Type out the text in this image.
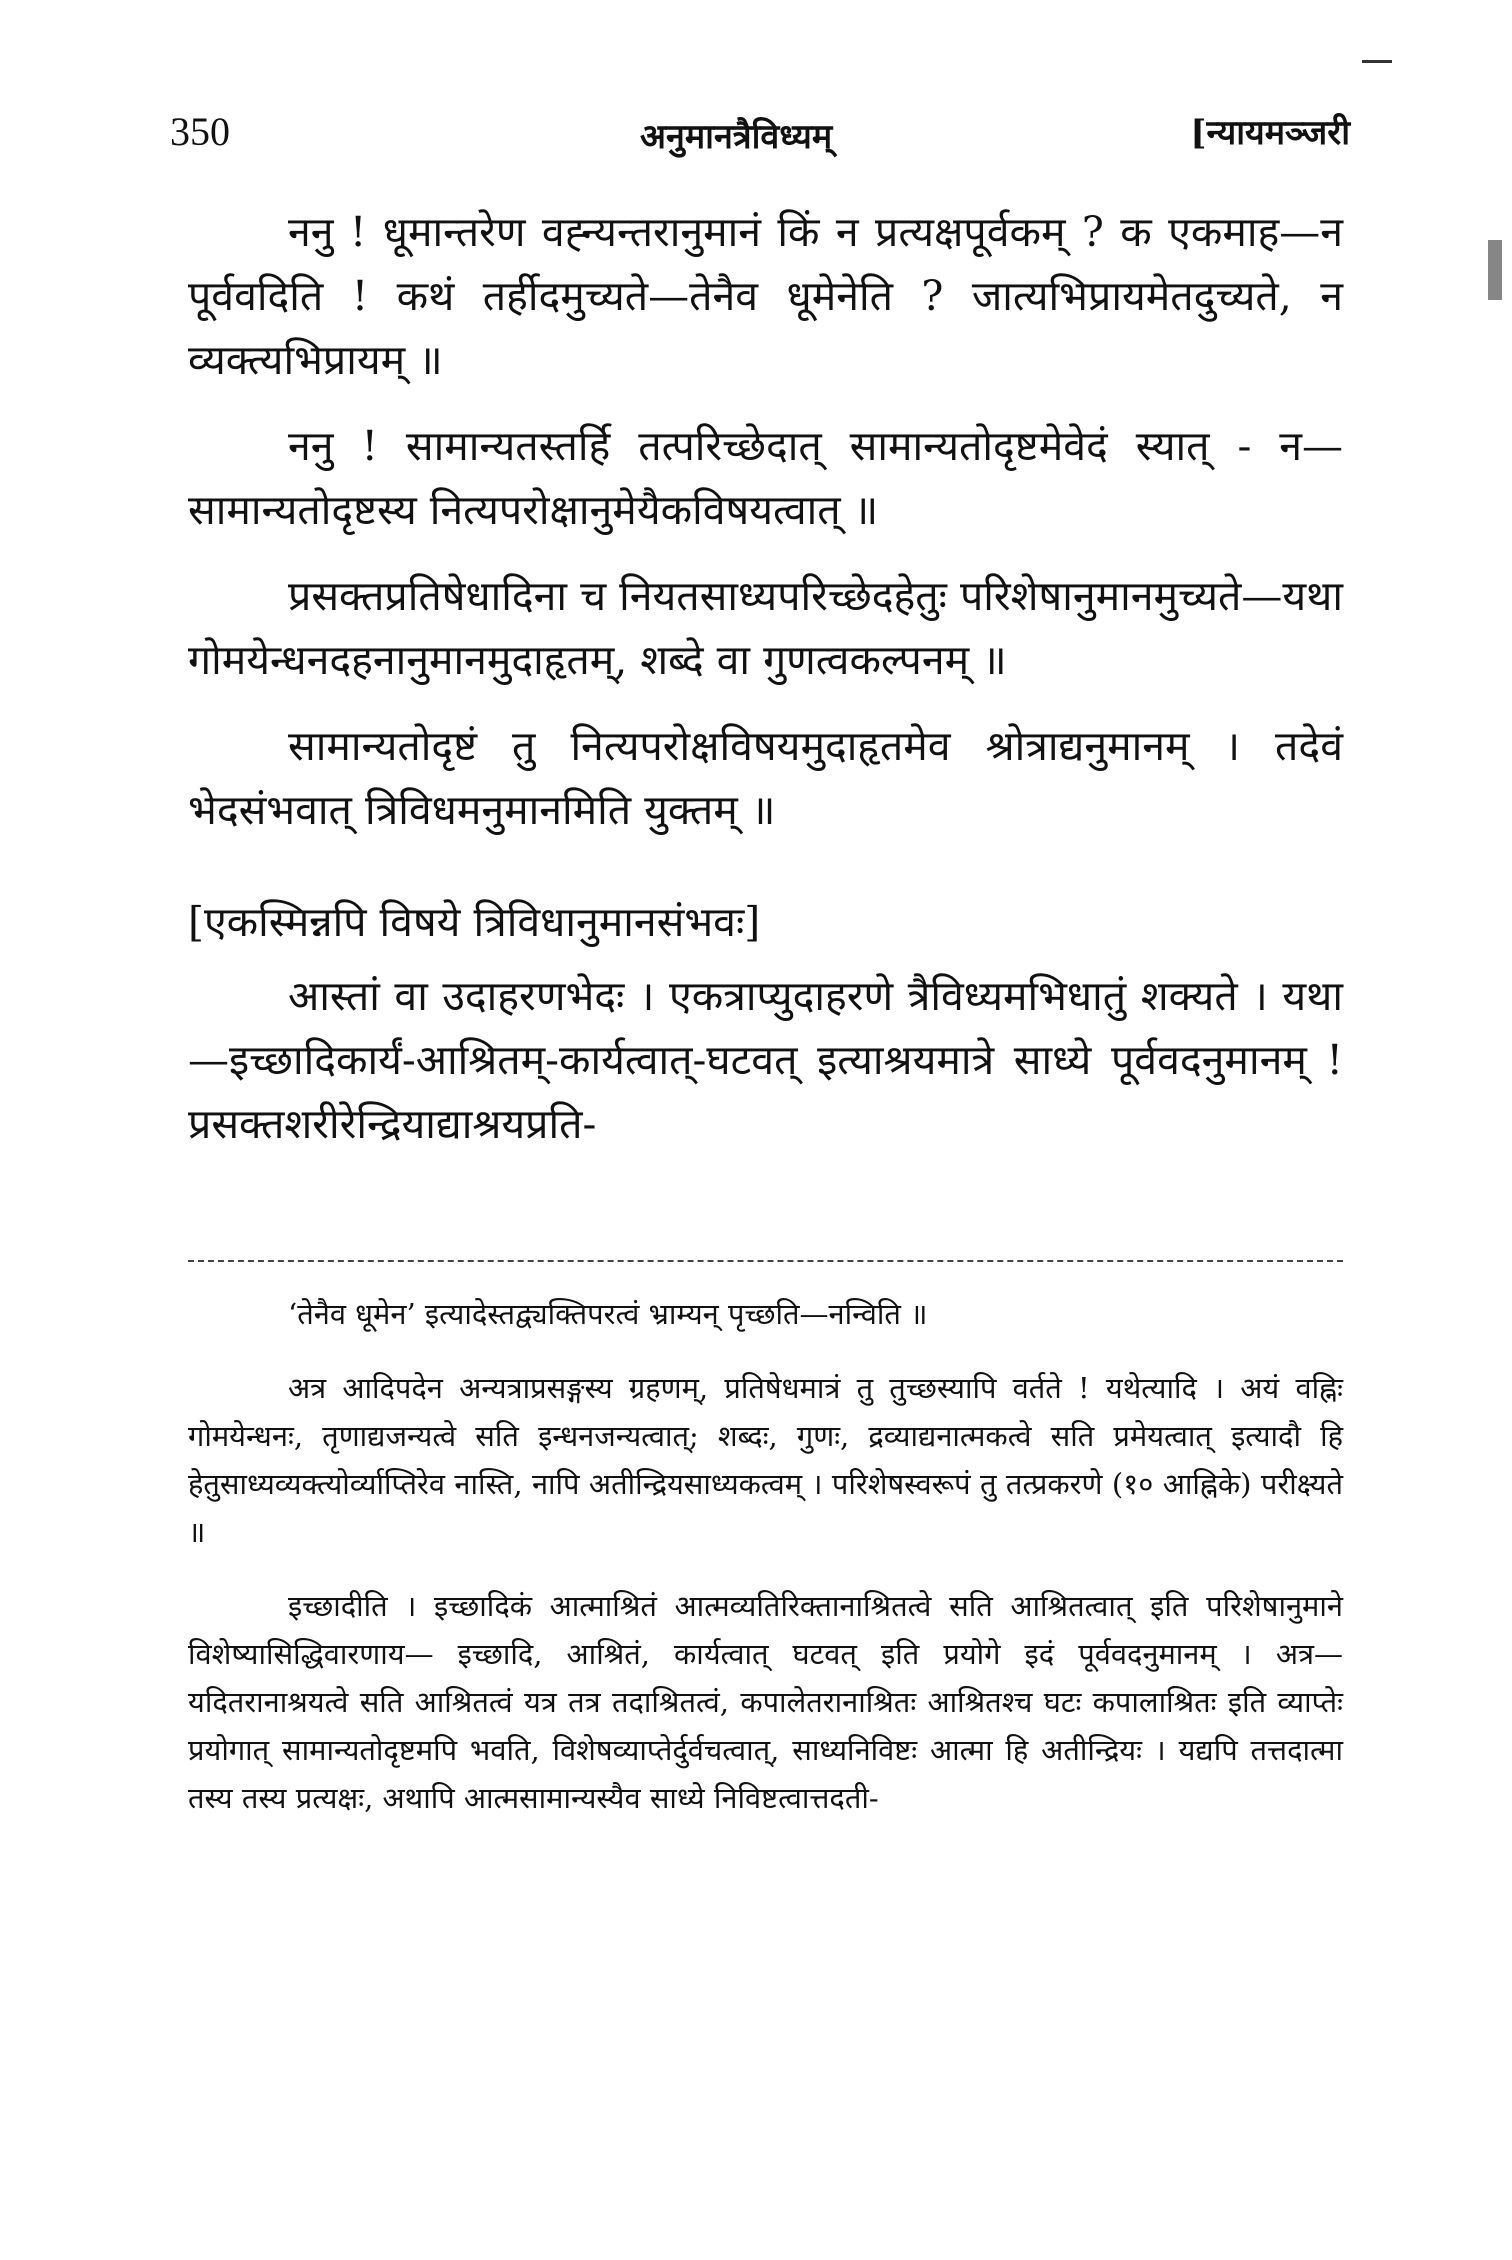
350	अनुमानत्रैविध्यम्	[न्यायमञ्जरी

ननु ! धूमान्तरेण वह्न्यन्तरानुमानं किं न प्रत्यक्षपूर्वकम् ? क एकमाह—न पूर्ववदिति ! कथं तर्हीदमुच्यते—तेनैव धूमेनेति ? जात्यभिप्रायमेतदुच्यते, न व्यक्त्यभिप्रायम् ॥

ननु ! सामान्यतस्तर्हि तत्परिच्छेदात् सामान्यतोदृष्टमेवेदं स्यात् - न—सामान्यतोदृष्टस्य नित्यपरोक्षानुमेयैकविषयत्वात् ॥

प्रसक्तप्रतिषेधादिना च नियतसाध्यपरिच्छेदहेतुः परिशेषानुमानमुच्यते—यथा गोमयेन्धनदहनानुमानमुदाहृतम्, शब्दे वा गुणत्वकल्पनम् ॥

सामान्यतोदृष्टं तु नित्यपरोक्षविषयमुदाहृतमेव श्रोत्राद्यनुमानम् । तदेवं भेदसंभवात् त्रिविधमनुमानमिति युक्तम् ॥

[एकस्मिन्नपि विषये त्रिविधानुमानसंभवः]

आस्तां वा उदाहरणभेदः । एकत्राप्युदाहरणे त्रैविध्यमभिधातुं शक्यते । यथा—इच्छादिकार्यं-आश्रितम्-कार्यत्वात्-घटवत् इत्याश्रयमात्रे साध्ये पूर्ववदनुमानम् ! प्रसक्तशरीरेन्द्रियाद्याश्रयप्रति-

‘तेनैव धूमेन’ इत्यादेस्तद्व्यक्तिपरत्वं भ्राम्यन् पृच्छति—नन्विति ॥

अत्र आदिपदेन अन्यत्राप्रसङ्गस्य ग्रहणम्, प्रतिषेधमात्रं तु तुच्छस्यापि वर्तते ! यथेत्यादि । अयं वह्निः गोमयेन्धनः, तृणाद्यजन्यत्वे सति इन्धनजन्यत्वात्; शब्दः, गुणः, द्रव्याद्यनात्मकत्वे सति प्रमेयत्वात् इत्यादौ हि हेतुसाध्यव्यक्त्योर्व्याप्तिरेव नास्ति, नापि अतीन्द्रियसाध्यकत्वम् । परिशेषस्वरूपं तु तत्प्रकरणे (१० आह्निके) परीक्ष्यते ॥

इच्छादीति । इच्छादिकं आत्माश्रितं आत्मव्यतिरिक्तानाश्रितत्वे सति आश्रितत्वात् इति परिशेषानुमाने विशेष्यासिद्धिवारणाय— इच्छादि, आश्रितं, कार्यत्वात् घटवत् इति प्रयोगे इदं पूर्ववदनुमानम् । अत्र—यदितरानाश्रयत्वे सति आश्रितत्वं यत्र तत्र तदाश्रितत्वं, कपालेतरानाश्रितः आश्रितश्च घटः कपालाश्रितः इति व्याप्तेः प्रयोगात् सामान्यतोदृष्टमपि भवति, विशेषव्याप्तेर्दुर्वचत्वात्, साध्यनिविष्टः आत्मा हि अतीन्द्रियः । यद्यपि तत्तदात्मा तस्य तस्य प्रत्यक्षः, अथापि आत्मसामान्यस्यैव साध्ये निविष्टत्वात्तदती-
